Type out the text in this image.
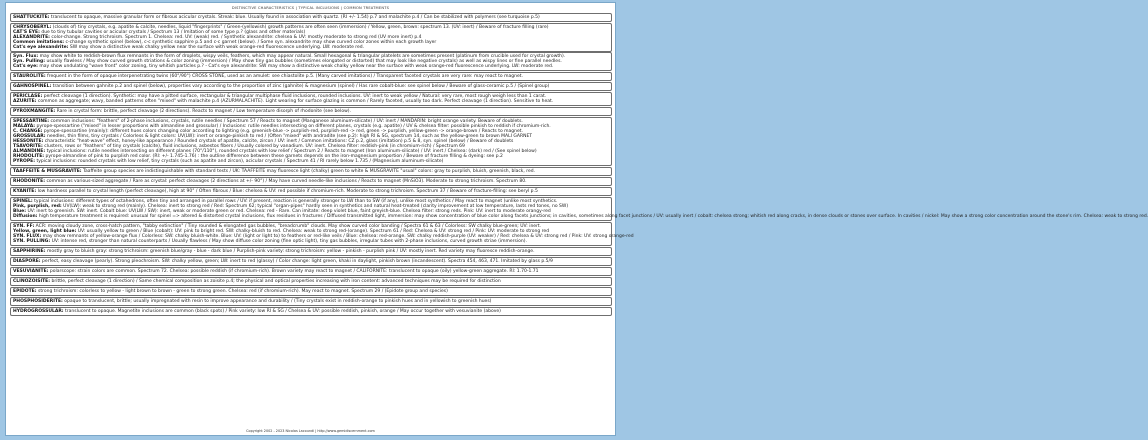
DISTINCTIVE CHARACTERISTICS | TYPICAL INCLUSIONS | COMMON TREATMENTS
SHATTUCKITE: translucent to opaque, massive granular form or fibrous acicular crystals. Streak: blue. Usually found in association with quartz. (RI +/- 1.54) p.7 and malachite p.4 / Can be stabilized with polymers (see turquoise p.5)
CHRYSOBERYL: (clouds of) tiny crystals, e.g. apatite & calcite, needles, liquid "fingerprints" / Green-(yellowish) growth patterns are often seen (immersion) / Yellow, green, brown: spectrum 13. (UV: inert) / Beware of fracture filling (rare)
CAT'S EYE: due to tiny tubular cavities or acicular crystals / Spectrum 13 / Imitation of some type p.? (glass and other materials)
ALEXANDRITE: color-change. Strong trichroism. Spectrum 1. Chelsea: red. UV: (weak) red. / Synthetic alexandrite: chelsea & UV: mostly moderate to strong red (UV more inert) p.4
Common imitations: c-change synthetic spinel (below), c-c synthetic sapphire p.5 and c-c garnet (below). / Some syn. alexandrite may show curved color zones within each growth layer
Cat's eye alexandrite: SW may show a distinctive weak chalky yellow near the surface with weak orange-red fluorescence underlying. LW: moderate red.
Syn. Flux: may show white to reddish-brown flux remnants in the form of droplets, wispy veils, feathers, which may appear natural. Small hexagonal & triangular platelets are sometimes present (platinum from crucible used for crystal growth).
Syn. Pulling: usually flawless / May show curved growth striations & color zoning (immersion) / May show tiny gas bubbles (sometimes elongated or distorted) that may look like negative crystals) as well as wispy lines or fine parallel needles.
Cat's eye: may show undulating "wave front" color zoning, tiny whitish particles p.? - Cat's eye alexandrite: SW may show a distinctive weak chalky yellow near the surface with weak orange-red fluorescence underlying. LW: moderate red.
STAUROLITE: frequent in the form of opaque interpenetrating twins (60°/90°) CROSS STONE, used as an amulet: see chiastolite p.5. (Many carved imitations) / Transparent faceted crystals are very rare: may react to magnet.
GAHNOSPINEL: transition between gahnite p.2 and spinel (below), properties vary according to the proportion of zinc (gahnite) & magnesium (spinel) / Has rare cobalt-blue: see spinel below / Beware of glass-ceramic p.5 / (Spinel group)
PERICLASE: perfect cleavage (1 direction). Synthetic: may have a pitted surface, rectangular & triangular multiphase fluid inclusions, rounded inclusions. UV: inert to weak yellow / Natural: very rare, most rough weigh less than 1 carat.
AZURITE: common as aggregate; wavy, banded patterns often "mixed" with malachite p.4 (AZURMALACHITE). Light wearing for surface glazing is common / Rarely faceted, usually too dark. Perfect cleavage (1 direction). Sensitive to heat.
PYROXMANGITE: Rare in crystal form: brittle, perfect cleavage (2 directions). Reacts to magnet / Low temperature disorph of rhodonite (see below).
SPESSARTINE: common inclusions: "feathers" of 2-phase inclusions, crystals, rutile needles / Spectrum 57 / Reacts to magnet (Manganese aluminum-silicate) / UV: inert / MANDARIN: bright orange variety. Beware of doublets.
MALAYA: pyrope-spessartine ("mixed" in lesser proportions with almandine and grossular) / Inclusions: rutile needles intersecting on different planes, crystals (e.g. apatite) / UV & chelsea filter: possible pinkish to reddish if chromium-rich.
C. CHANGE: pyrope-spessartine (mainly): different hues colors changing color according to lighting (e.g. greenish-blue -> purplish-red, purplish-red -> red, green -> purplish, yellow-green -> orange-brown / Reacts to magnet.
GROSSULAR: needles, thin films, tiny crystals / Colorless & light colors: UV(LW): inert or orange-pinkish to red / (Often "mixed" with andradite (see p.2): high RI & SG, spectrum 14, such as the yellow-green to brown MALI GARNET
HESSONITE: characteristic "heat-wave" effect, honey-like appearance / Rounded crystals of apatite, calcite, zircon / UV: inert / Common imitations: CZ p.2, glass (imitation) p.5 & 8, syn. spinel (below) / Beware of doublets
TSAVORITE: clusters, rows or "feathers" of tiny crystals (calcite), fluid inclusions, asbestos fibers / Usually colored by vanadium. UV: inert. Chelsea filter: reddish-pink (in chromium-rich) / Spectrum 69
ALMANDINE: typical inclusions: rutile needles intersecting on different planes (70°/110°), rounded crystals with low relief / Spectrum 2 / Reacts to magnet (Iron aluminum-silicate) / UV: inert / Chelsea: (dark) red / (See spinel below)
RHODOLITE: pyrope-almandine of pink to purplish red color. (RI: +/- 1.745-1.76) : the outline difference between these garnets depends on the iron-magnesium proportion / Beware of fracture filling & dyeing: see p.2
PYROPE: typical inclusions: rounded crystals with low relief, tiny crystals (such as apatite and zircon), acicular crystals / Spectrum 41 / RI rarely below 1.735 / (Magnesium aluminum-silicate)
TAAFFEITE & MUSGRAVITE: Taaffeite group species are indistinguishable with standard tests / UK: TAAFFEITE may fluoresce light (chalky) green to white & MUSGRAVITE "usual" colors: gray to purplish, bluish, greenish, black, red.
RHODONITE: common as various-sized aggregate / Rare as crystal: perfect cleavages (2 directions at +/- 90°) / May have curved needle-like inclusions / Reacts to magnet (MnSiO3). Moderate to strong trichroism. Spectrum 80.
KYANITE: low hardness parallel to crystal length (perfect cleavage), high at 90° / Often fibrous / Blue: chelsea & UV: red possible if chromium-rich. Moderate to strong trichroism. Spectrum 37 / Beware of fracture-filling: see beryl p.5
SPINEL: typical inclusions: different types of octahedrons, often tiny and arranged in parallel rows / UV: if present, reaction is generally stronger to LW than to SW (if any), unlike most synthetics / May react to magnet (unlike most synthetics.
Pink, purplish, red: UV(LW): weak to strong red (mainly). Chelsea: inert to strong red / Red: Spectrum 62; typical "organ-pipes" hardly seen in synthetics and natural heat-treated (clarity improvement at low temperature, lasts red tones, no SW)
Blue: UV: inert to greenish. SW: inert. Cobalt blue: UV(LW / SW): inert, weak or moderate green or red. Chelsea: red - Rare. Can imitate: deep violet blue, faint greyish-blue. Chelsea filter: strong reds. Pink: UV: inert to moderate orangy-red
Diffusion: high temperature treatment is required: unusual for spinel => altered & distorted crystal inclusions, flux residues in fractures / Diffused transmitted light, immersion: may show concentration of blue color along facets junctions; in cavities, sometimes along facet junctions / UV: usually inert / cobalt: chelsea strong; whitish red along cracks, in dense clouds or stones over surface. In cavities / nickel: May show a strong color concentration around the stone's rim. Chelsea: weak to strong red.
SYN. FF: ACR: moving cloudy zone, cross-hatch pattern, "tabby extinction" / Tiny rounded & elongated gas bubbles, "breadcrumb" clouds. May show curved color banding / Spectra 61 & 63 / Colorless: SW chalky blue-green; UV: inert.
Yellow, green, light blue: UV: usually yellow to green / Blue (cobalt): UV: pink to bright red. SW: chalky-bluish to red. Chelsea: weak to strong red-(orange). Spectrum 61 / Red: Chelsea & UV: strong red / Pink: UV: moderate to strong red
SYN. FLUX: may show remnants of yellow-orange flux / Colorless: SW: chalky bluish-white. Blue: UV: (light or light to) to feathers or red-like veils / Blue: chelsea: red-orange. SW: chalky reddish-purple (UV: weaker) / Red: chelsea & UV: strong red / Pink: UV: strong orange-red
SYN. PULLING: UV: intense red, stronger than natural counterparts / Usually flawless / May show diffuse color zoning (fine optic light), tiny gas bubbles, irregular tubes with 2-phase inclusions, curved growth striae (immersion).
SAPPHIRINE: mostly gray to bluish gray: strong trichroism: greenish blue/gray - blue - dark blue / Purplish-pink variety: strong trichroism: yellow - pinkish - purplish pink / UV: mostly inert. Red variety may fluoresce reddish-orange.
DIASPORE: perfect, easy cleavage (pearly). Strong pleochroism. SW: chalky yellow, green; LW: inert to red (glassy) / Color change: light green, khaki in daylight, pinkish brown (incandescent). Spectra 454, 463, 471. Imitated by glass p.5/9
VESUVIANITE: polarscope: strain colors are common. Spectrum 72. Chelsea: possible reddish (if chromium-rich). Brown variety may react to magnet / CALIFORNITE: translucent to opaque (oily) yellow-green aggregate. RI: 1.70-1.71
CLINOZOISITE: brittle, perfect cleavage (1 direction) / Same chemical composition as zoisite p.4; the physical and optical properties increasing with iron content: advanced techniques may be required for distinction
EPIDOTE: strong trichroism: colorless to yellow - light brown to brown - green to strong green. Chelsea: red (if chromium-rich). May react to magnet. Spectrum 29 / (Epidote group and species)
PHOSPHOSIDERITE: opaque to translucent, brittle; usually impregnated with resin to improve appearance and durability / (Tiny crystals exist in reddish-orange to pinkish hues and in yellowish to greenish hues)
HYDROGROSSULAR: translucent to opaque. Magnetite inclusions are common (black spots) / Pink variety: low RI & SG / Chelsea & UV: possible reddish, pinkish, orange / May occur together with vesuvianite (above)
Copyright 2002 - 2023 Nicolas Lacoundi | http://www.gemidiscernment.com
